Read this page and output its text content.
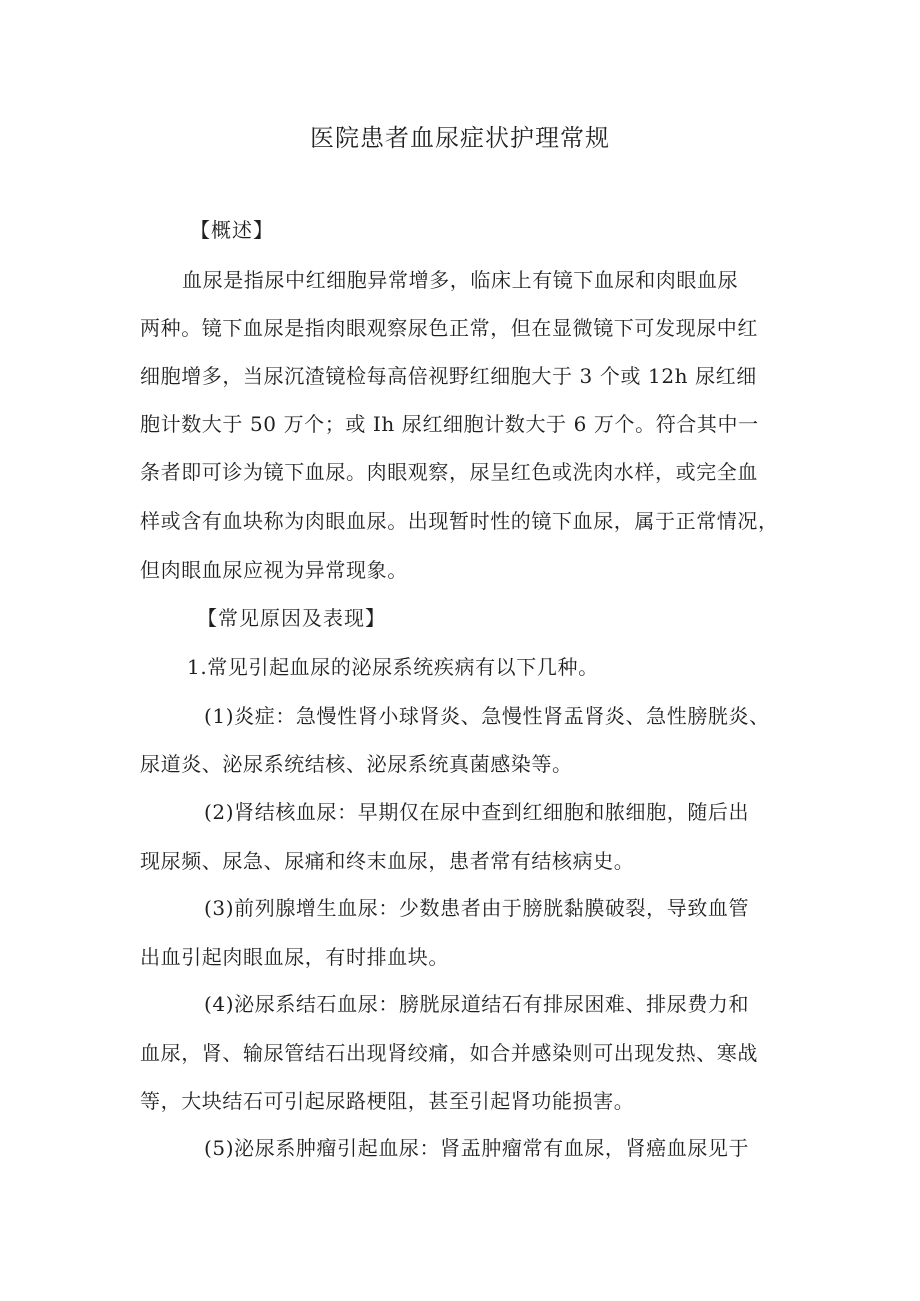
医院患者血尿症状护理常规
【概述】
血尿是指尿中红细胞异常增多，临床上有镜下血尿和肉眼血尿
两种。镜下血尿是指肉眼观察尿色正常，但在显微镜下可发现尿中红
细胞增多，当尿沉渣镜检每高倍视野红细胞大于 3 个或 12h 尿红细
胞计数大于 50 万个；或 Ih 尿红细胞计数大于 6 万个。符合其中一
条者即可诊为镜下血尿。肉眼观察，尿呈红色或洗肉水样，或完全血
样或含有血块称为肉眼血尿。出现暂时性的镜下血尿，属于正常情况，
但肉眼血尿应视为异常现象。
【常见原因及表现】
1.常见引起血尿的泌尿系统疾病有以下几种。
(1)炎症：急慢性肾小球肾炎、急慢性肾盂肾炎、急性膀胱炎、
尿道炎、泌尿系统结核、泌尿系统真菌感染等。
(2)肾结核血尿：早期仅在尿中查到红细胞和脓细胞，随后出
现尿频、尿急、尿痛和终末血尿，患者常有结核病史。
(3)前列腺增生血尿：少数患者由于膀胱黏膜破裂，导致血管
出血引起肉眼血尿，有时排血块。
(4)泌尿系结石血尿：膀胱尿道结石有排尿困难、排尿费力和
血尿，肾、输尿管结石出现肾绞痛，如合并感染则可出现发热、寒战
等，大块结石可引起尿路梗阻，甚至引起肾功能损害。
(5)泌尿系肿瘤引起血尿：肾盂肿瘤常有血尿，肾癌血尿见于
